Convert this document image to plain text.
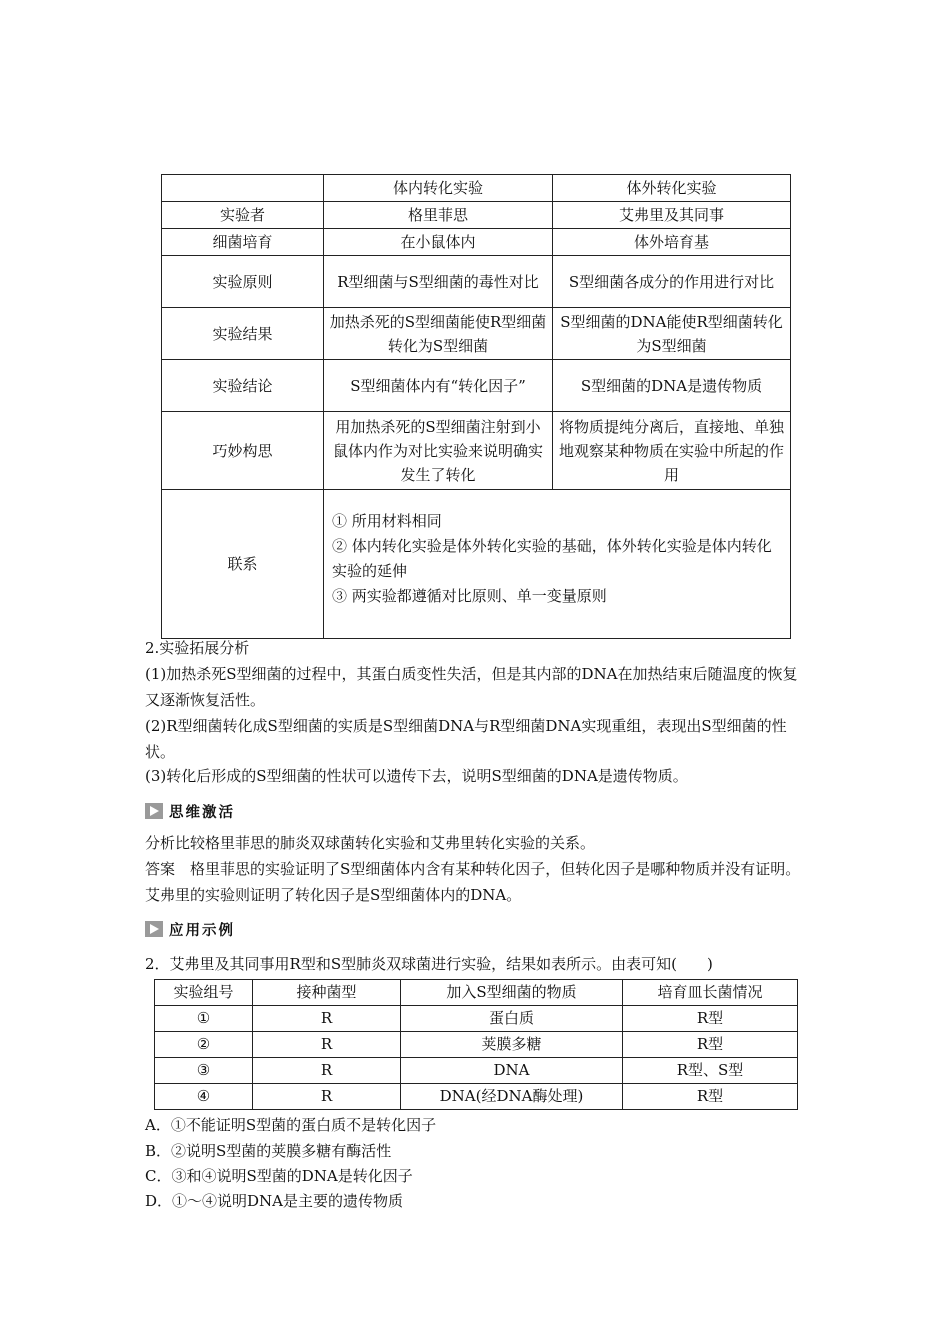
	体内转化实验	体外转化实验
实验者	格里菲思	艾弗里及其同事
细菌培育	在小鼠体内	体外培育基
实验原则	R型细菌与S型细菌的毒性对比	S型细菌各成分的作用进行对比
实验结果	加热杀死的S型细菌能使R型细菌转化为S型细菌	S型细菌的DNA能使R型细菌转化为S型细菌
实验结论	S型细菌体内有“转化因子”	S型细菌的DNA是遗传物质
巧妙构思	用加热杀死的S型细菌注射到小鼠体内作为对比实验来说明确实发生了转化	将物质提纯分离后，直接地、单独地观察某种物质在实验中所起的作用
联系	① 所用材料相同
② 体内转化实验是体外转化实验的基础，体外转化实验是体内转化实验的延伸
③ 两实验都遵循对比原则、单一变量原则	

2.实验拓展分析

(1)加热杀死S型细菌的过程中，其蛋白质变性失活，但是其内部的DNA在加热结束后随温度的恢复又逐渐恢复活性。

(2)R型细菌转化成S型细菌的实质是S型细菌DNA与R型细菌DNA实现重组，表现出S型细菌的性状。

(3)转化后形成的S型细菌的性状可以遗传下去，说明S型细菌的DNA是遗传物质。

思维激活

分析比较格里菲思的肺炎双球菌转化实验和艾弗里转化实验的关系。

答案　格里菲思的实验证明了S型细菌体内含有某种转化因子，但转化因子是哪种物质并没有证明。艾弗里的实验则证明了转化因子是S型细菌体内的DNA。

应用示例

2．艾弗里及其同事用R型和S型肺炎双球菌进行实验，结果如表所示。由表可知(　　)

实验组号	接种菌型	加入S型细菌的物质	培育皿长菌情况
①	R	蛋白质	R型
②	R	荚膜多糖	R型
③	R	DNA	R型、S型
④	R	DNA(经DNA酶处理)	R型

A．①不能证明S型菌的蛋白质不是转化因子

B．②说明S型菌的荚膜多糖有酶活性

C．③和④说明S型菌的DNA是转化因子

D．①～④说明DNA是主要的遗传物质
